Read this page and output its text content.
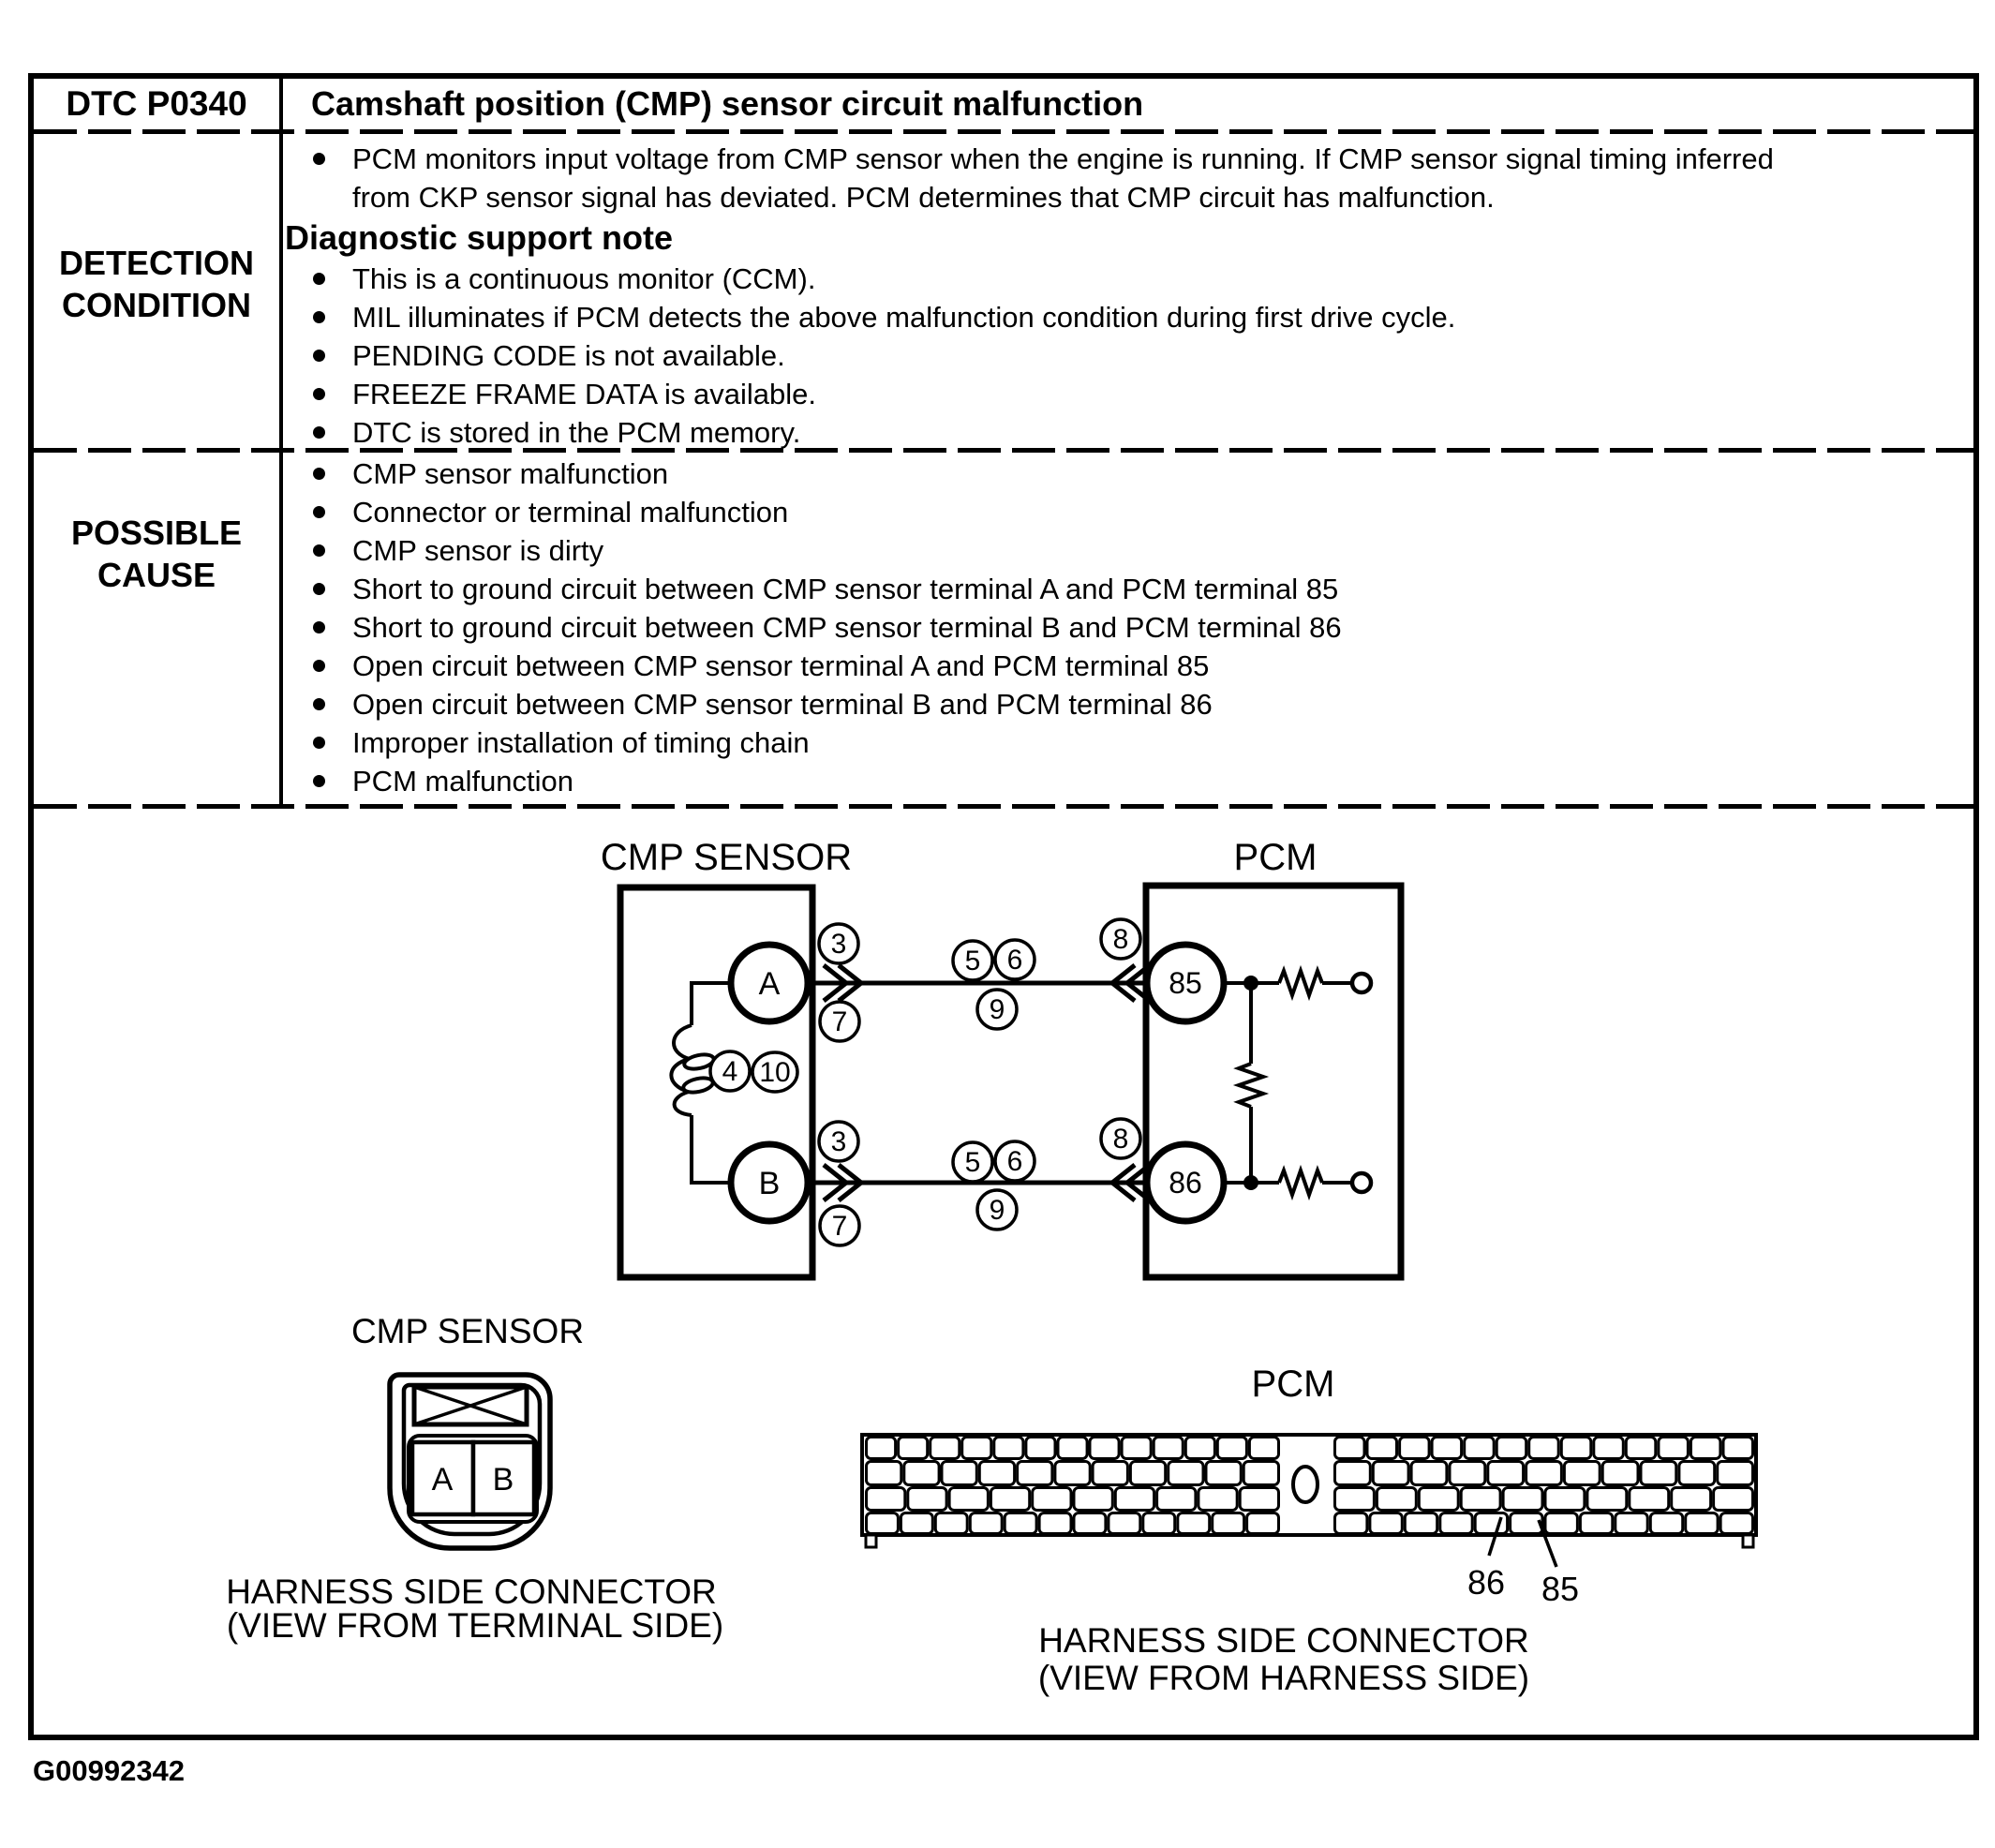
DTC P0340	Camshaft position (CMP) sensor circuit malfunction
DETECTION
CONDITION
PCM monitors input voltage from CMP sensor when the engine is running. If CMP sensor signal timing inferred from CKP sensor signal has deviated. PCM determines that CMP circuit has malfunction.
Diagnostic support note
This is a continuous monitor (CCM).
MIL illuminates if PCM detects the above malfunction condition during first drive cycle.
PENDING CODE is not available.
FREEZE FRAME DATA is available.
DTC is stored in the PCM memory.
POSSIBLE
CAUSE
CMP sensor malfunction
Connector or terminal malfunction
CMP sensor is dirty
Short to ground circuit between CMP sensor terminal A and PCM terminal 85
Short to ground circuit between CMP sensor terminal B and PCM terminal 86
Open circuit between CMP sensor terminal A and PCM terminal 85
Open circuit between CMP sensor terminal B and PCM terminal 86
Improper installation of timing chain
PCM malfunction
CMP SENSOR	PCM
A
B
85
86
3
7
5 6
9
8
3
7
5 6
9
8
4 10
CMP SENSOR
A B
HARNESS SIDE CONNECTOR
(VIEW FROM TERMINAL SIDE)
PCM
86 85
HARNESS SIDE CONNECTOR
(VIEW FROM HARNESS SIDE)
G00992342
